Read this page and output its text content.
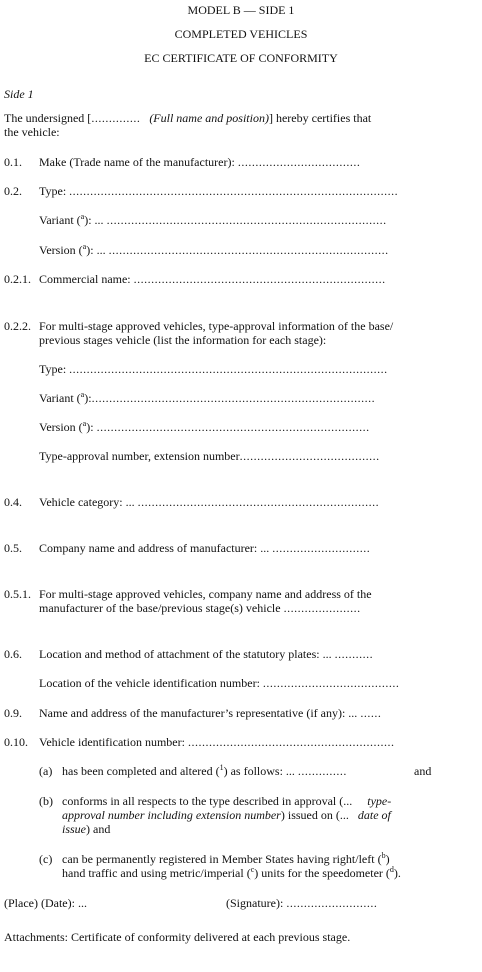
MODEL B — SIDE 1
COMPLETED VEHICLES
EC CERTIFICATE OF CONFORMITY
Side 1
The undersigned [.............. (Full name and position)] hereby certifies that
the vehicle:
0.1. Make (Trade name of the manufacturer): ...................................
0.2. Type: ..............................................................................................
Variant ($^a$): ... ................................................................................
Version ($^a$): ... ................................................................................
0.2.1. Commercial name: ........................................................................
0.2.2. For multi-stage approved vehicles, type-approval information of the base/
previous stages vehicle (list the information for each stage):
Type: ...........................................................................................
Variant ($^a$):.................................................................................
Version ($^a$): ..............................................................................
Type-approval number, extension number........................................
0.4. Vehicle category: ... .....................................................................
0.5. Company name and address of manufacturer: ... ............................
0.5.1. For multi-stage approved vehicles, company name and address of the
manufacturer of the base/previous stage(s) vehicle ......................
0.6. Location and method of attachment of the statutory plates: ... ...........
Location of the vehicle identification number: .......................................
0.9. Name and address of the manufacturer’s representative (if any): ... ......
0.10. Vehicle identification number: ...........................................................
(a) has been completed and altered ($^1$) as follows: ... ..............	and
(b) conforms in all respects to the type described in approval (... type-
approval number including extension number) issued on (... date of
issue) and
(c) can be permanently registered in Member States having right/left ($^b$)
hand traffic and using metric/imperial ($^c$) units for the speedometer ($^d$).
(Place) (Date): ...	(Signature): ..........................
Attachments: Certificate of conformity delivered at each previous stage.
